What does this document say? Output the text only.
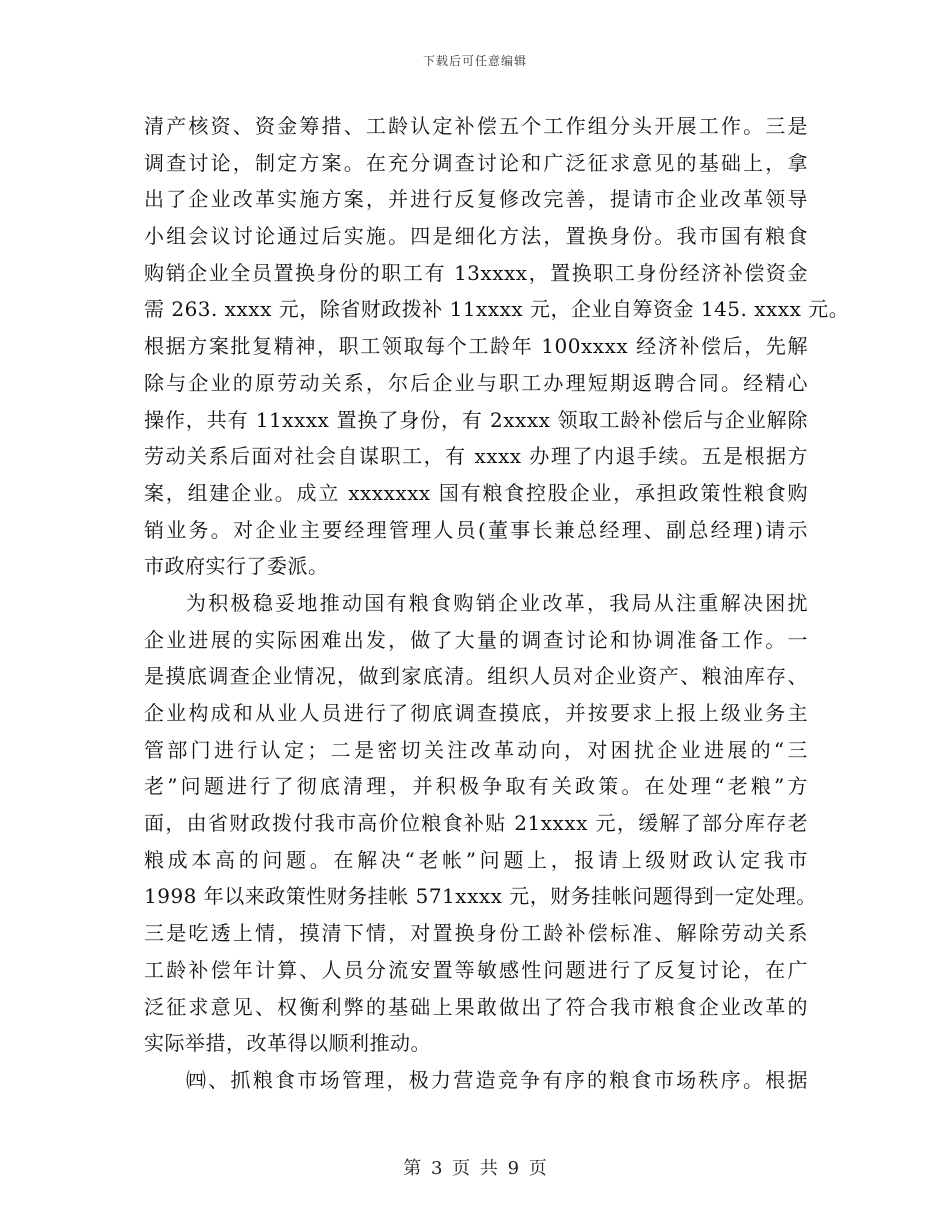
下载后可任意编辑
清产核资、资金筹措、工龄认定补偿五个工作组分头开展工作。三是
调查讨论，制定方案。在充分调查讨论和广泛征求意见的基础上，拿
出了企业改革实施方案，并进行反复修改完善，提请市企业改革领导
小组会议讨论通过后实施。四是细化方法，置换身份。我市国有粮食
购销企业全员置换身份的职工有 13xxxx，置换职工身份经济补偿资金
需 263. xxxx 元，除省财政拨补 11xxxx 元，企业自筹资金 145. xxxx 元。
根据方案批复精神，职工领取每个工龄年 100xxxx 经济补偿后，先解
除与企业的原劳动关系，尔后企业与职工办理短期返聘合同。经精心
操作，共有 11xxxx 置换了身份，有 2xxxx 领取工龄补偿后与企业解除
劳动关系后面对社会自谋职工，有 xxxx 办理了内退手续。五是根据方
案，组建企业。成立 xxxxxxx 国有粮食控股企业，承担政策性粮食购
销业务。对企业主要经理管理人员(董事长兼总经理、副总经理)请示
市政府实行了委派。
为积极稳妥地推动国有粮食购销企业改革，我局从注重解决困扰
企业进展的实际困难出发，做了大量的调查讨论和协调准备工作。一
是摸底调查企业情况，做到家底清。组织人员对企业资产、粮油库存、
企业构成和从业人员进行了彻底调查摸底，并按要求上报上级业务主
管部门进行认定；二是密切关注改革动向，对困扰企业进展的“三
老”问题进行了彻底清理，并积极争取有关政策。在处理“老粮”方
面，由省财政拨付我市高价位粮食补贴 21xxxx 元，缓解了部分库存老
粮成本高的问题。在解决“老帐”问题上，报请上级财政认定我市
1998 年以来政策性财务挂帐 571xxxx 元，财务挂帐问题得到一定处理。
三是吃透上情，摸清下情，对置换身份工龄补偿标准、解除劳动关系
工龄补偿年计算、人员分流安置等敏感性问题进行了反复讨论，在广
泛征求意见、权衡利弊的基础上果敢做出了符合我市粮食企业改革的
实际举措，改革得以顺利推动。
㈣、抓粮食市场管理，极力营造竞争有序的粮食市场秩序。根据
第 3 页 共 9 页
